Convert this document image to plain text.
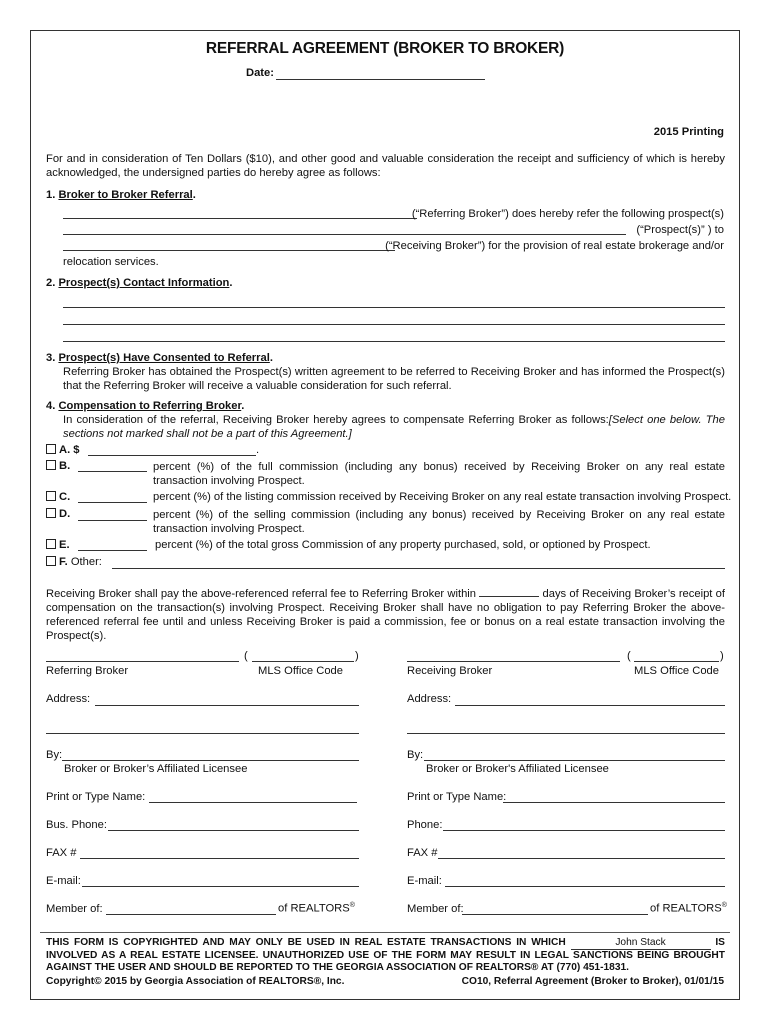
REFERRAL AGREEMENT (BROKER TO BROKER)
Date:
2015 Printing
For and in consideration of Ten Dollars ($10), and other good and valuable consideration the receipt and sufficiency of which is hereby acknowledged, the undersigned parties do hereby agree as follows:
1. Broker to Broker Referral.
(“Referring Broker”) does hereby refer the following prospect(s)
(“Prospect(s)” ) to
(“Receiving Broker”) for the provision of real estate brokerage and/or
relocation services.
2. Prospect(s) Contact Information.
3. Prospect(s) Have Consented to Referral.
Referring Broker has obtained the Prospect(s) written agreement to be referred to Receiving Broker and has informed the Prospect(s) that the Referring Broker will receive a valuable consideration for such referral.
4. Compensation to Referring Broker.
In consideration of the referral, Receiving Broker hereby agrees to compensate Referring Broker as follows:[Select one below. The sections not marked shall not be a part of this Agreement.]
A. $	.
B.	percent (%) of the full commission (including any bonus) received by Receiving Broker on any real estate transaction involving Prospect.
C.	percent (%) of the listing commission received by Receiving Broker on any real estate transaction involving Prospect.
D.	percent (%) of the selling commission (including any bonus) received by Receiving Broker on any real estate transaction involving Prospect.
E.	percent (%) of the total gross Commission of any property purchased, sold, or optioned by Prospect.
F. Other:
Receiving Broker shall pay the above-referenced referral fee to Referring Broker within	days of Receiving Broker’s receipt of compensation on the transaction(s) involving Prospect. Receiving Broker shall have no obligation to pay Referring Broker the above-referenced referral fee until and unless Receiving Broker is paid a commission, fee or bonus on a real estate transaction involving the Prospect(s).
(	)
Referring Broker	MLS Office Code
Address:
By:
Broker or Broker’s Affiliated Licensee
Print or Type Name:
Bus. Phone:
FAX #
E-mail:
Member of:	of REALTORS®
(	)
Receiving Broker	MLS Office Code
Address:
By:
Broker or Broker's Affiliated Licensee
Print or Type Name:
Phone:
FAX #
E-mail:
Member of:	of REALTORS®
THIS FORM IS COPYRIGHTED AND MAY ONLY BE USED IN REAL ESTATE TRANSACTIONS IN WHICH	John Stack	IS INVOLVED AS A REAL ESTATE LICENSEE. UNAUTHORIZED USE OF THE FORM MAY RESULT IN LEGAL SANCTIONS BEING BROUGHT AGAINST THE USER AND SHOULD BE REPORTED TO THE GEORGIA ASSOCIATION OF REALTORS® AT (770) 451-1831.
Copyright© 2015 by Georgia Association of REALTORS®, Inc.	CO10, Referral Agreement (Broker to Broker), 01/01/15
